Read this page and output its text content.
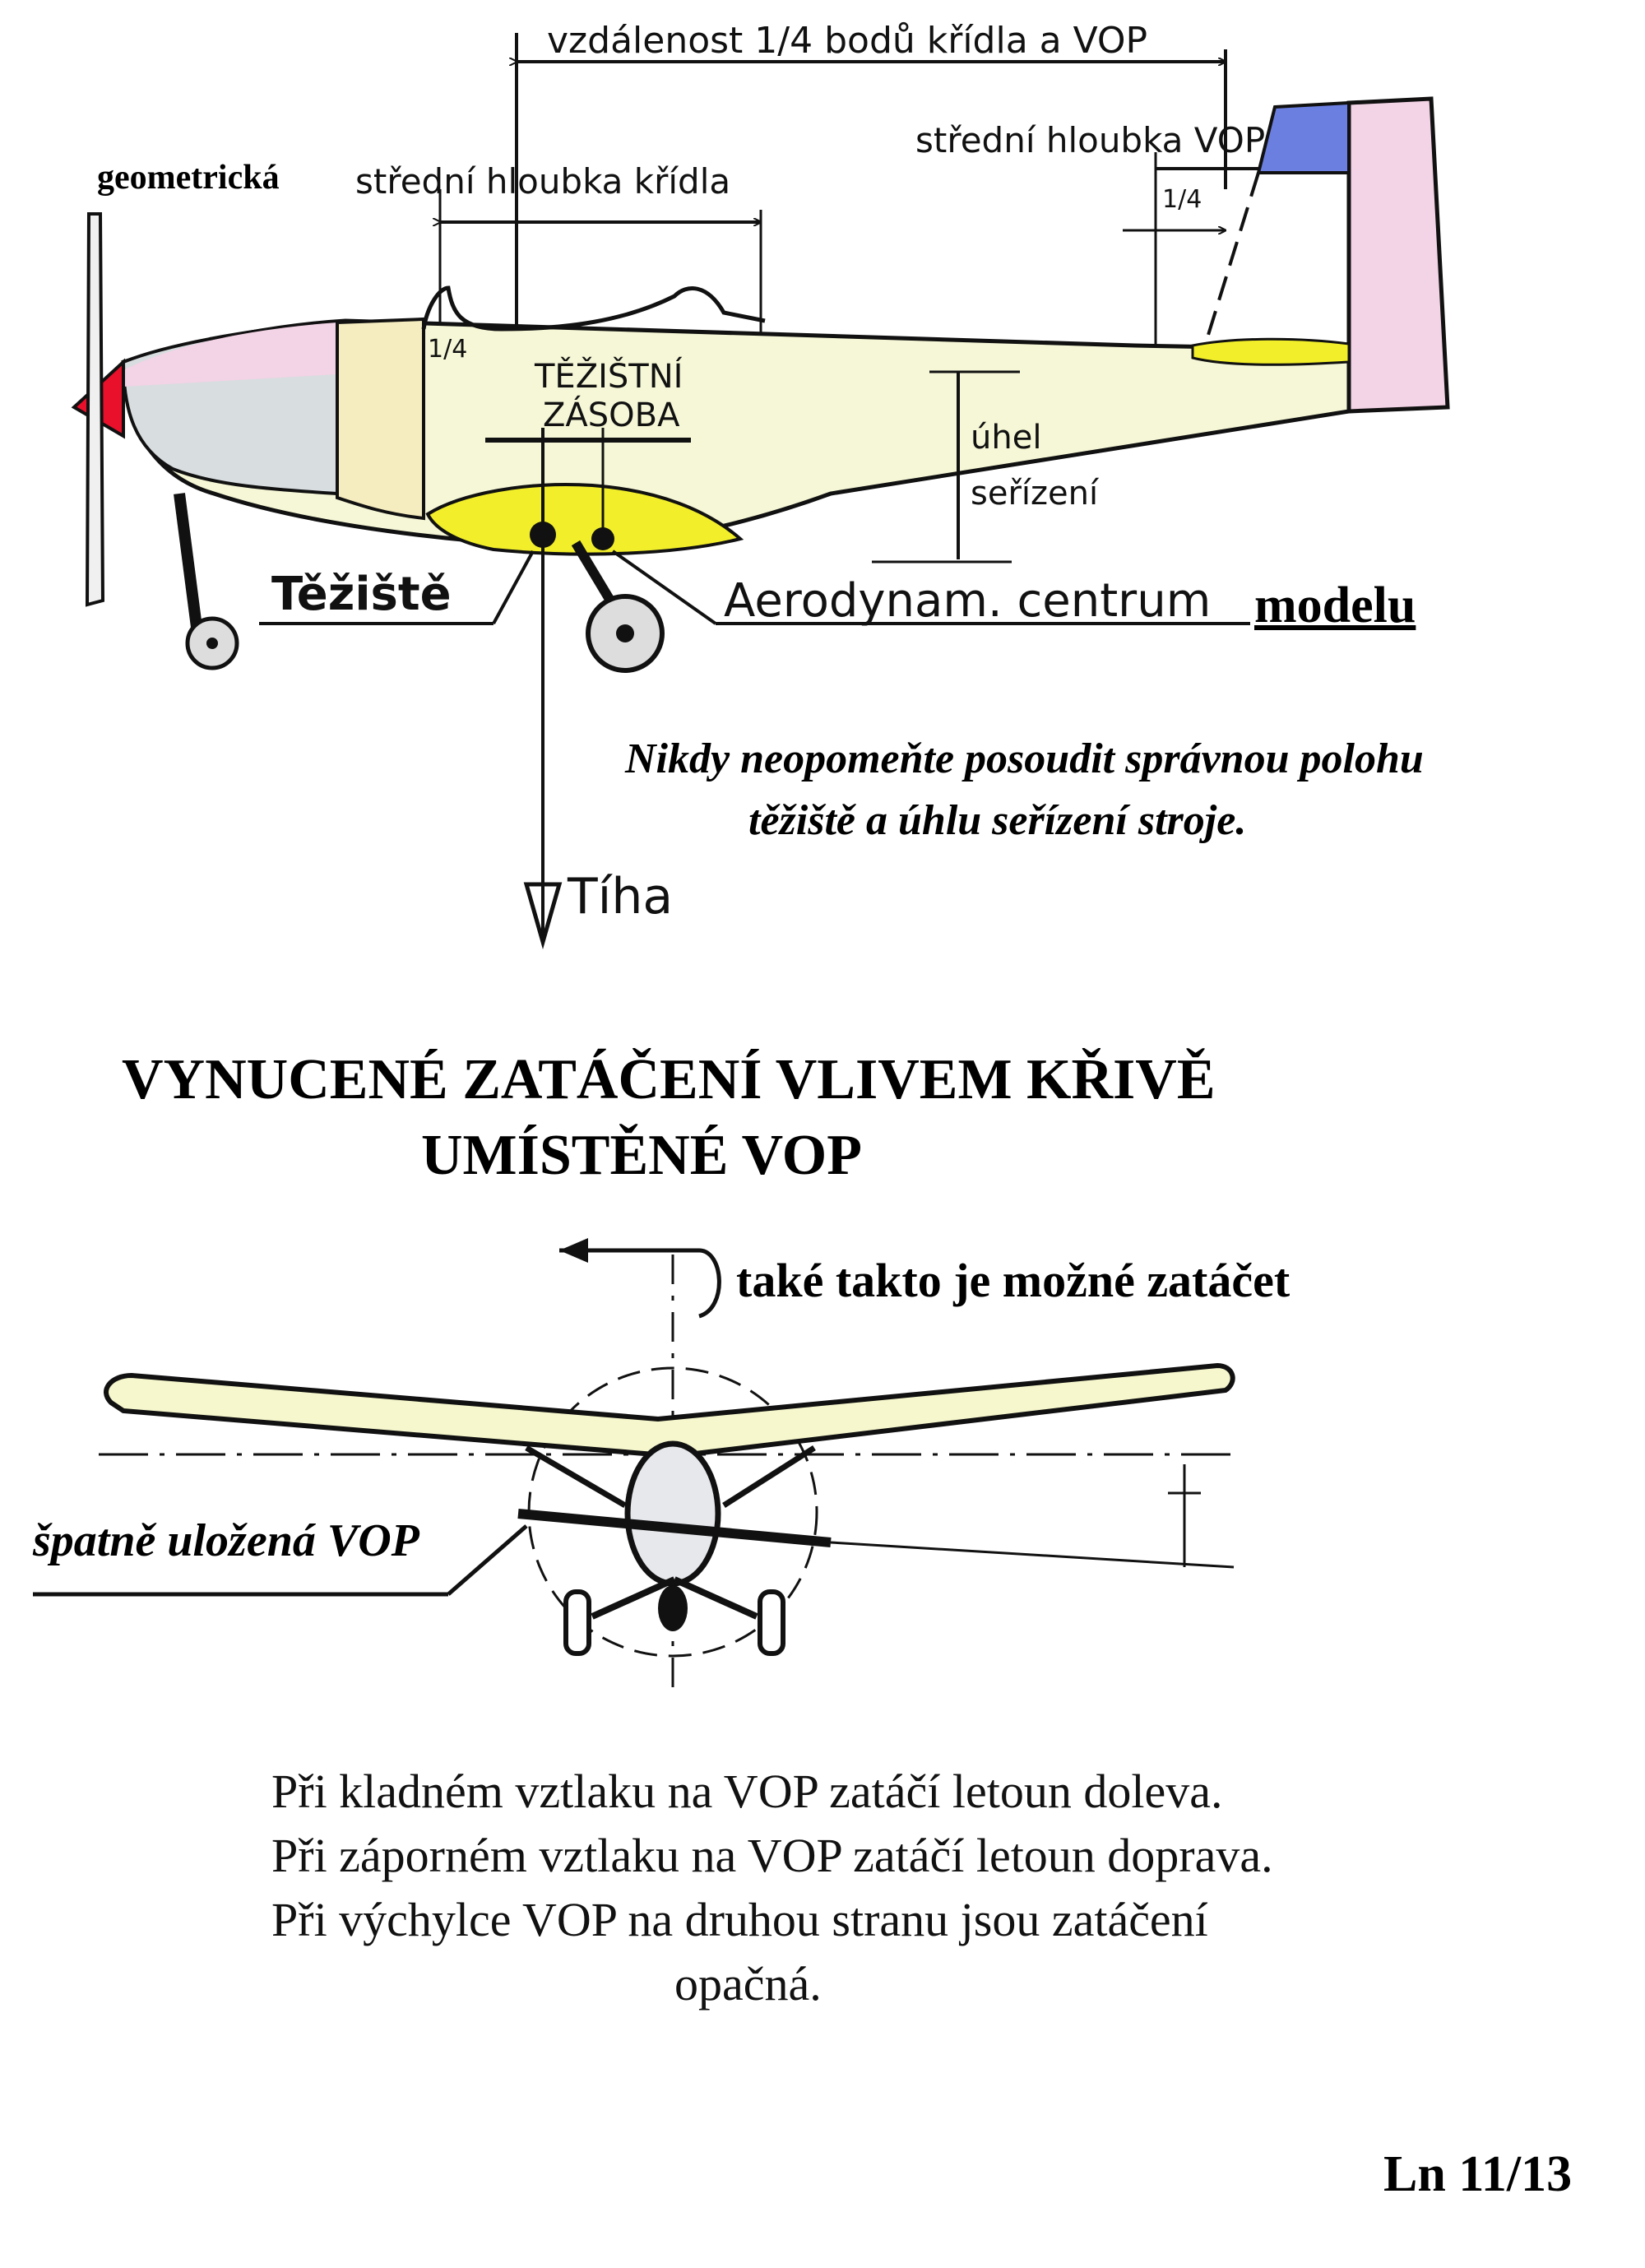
vzdálenost 1/4 bodů křídla a VOP
střední hloubka VOP
geometrická střední hloubka křídla
1/4
1/4
TĚŽIŠTNÍ
ZÁSOBA
úhel
seřízení
Těžiště	Aerodynam. centrum modelu
Tíha
Nikdy neopomeňte posoudit správnou polohu
těžiště a úhlu seřízení stroje.
VYNUCENÉ ZATÁČENÍ VLIVEM KŘIVĚ
UMÍSTĚNÉ VOP
také takto je možné zatáčet
špatně uložená VOP
Při kladném vztlaku na VOP zatáčí letoun doleva.
Při záporném vztlaku na VOP zatáčí letoun doprava.
Při výchylce VOP na druhou stranu jsou zatáčení
opačná.
Ln 11/13
